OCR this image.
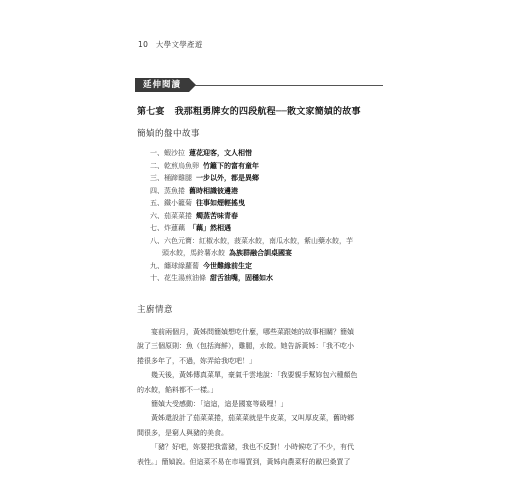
10 大學文學產遊
延伸閱讀
第七宴 我那粗勇牌女的四段航程──散文家簡媜的故事
簡媜的盤中故事
一、蝦沙拉 蓮花迎客，文人相惜
二、乾煎烏魚卵 竹籬下的富有童年
三、桶蹄雞腿 一步以外，都是異鄉
四、蒸魚捲 舊時相識彼邊港
五、鐵小籠菊 往事如煙輕搖曳
六、茄菜菜捲 燭蒸苦味青春
七、炸蓮藕 「藕」然相遇
八、六色元寶：紅椒水餃，菠菜水餃，南瓜水餃，紫山藥水餃，芋
頭水餃，馬鈴薯水餃 為族群融合訓桌國宴
九、纏球綠蘿蔔 今世難緣前生定
十、花生湯煎油條 甜舌油嘴，固穩如水
主廚情意

宴前兩個月，黃姊問簡媜想吃什麼，哪些菜跟她的故事相關？簡媜

說了三個原則：魚（包括海鮮），雞腿，水餃。她告訴黃姊：「我不吃小

捲很多年了，不過，妳弄給我吃吧！」

幾天後，黃姊傳真菜單，豪氣千雲地說：「我要親手幫妳包六種顏色

的水餃，餡料都不一樣。」

簡媜大受感動：「這這，這是國宴等級哩！」

黃姊還設計了茄菜菜捲，茄菜菜就是牛皮菜，又叫厚皮菜，舊時鄉

間很多，是窮人與豬的美食。

「豬？好吧，妳要把我當豬，我也不反對！小時候吃了不少，有代

表性。」簡媜說。但這菜不易在市場買到，黃姊向農菜籽的歐巴桑買了
